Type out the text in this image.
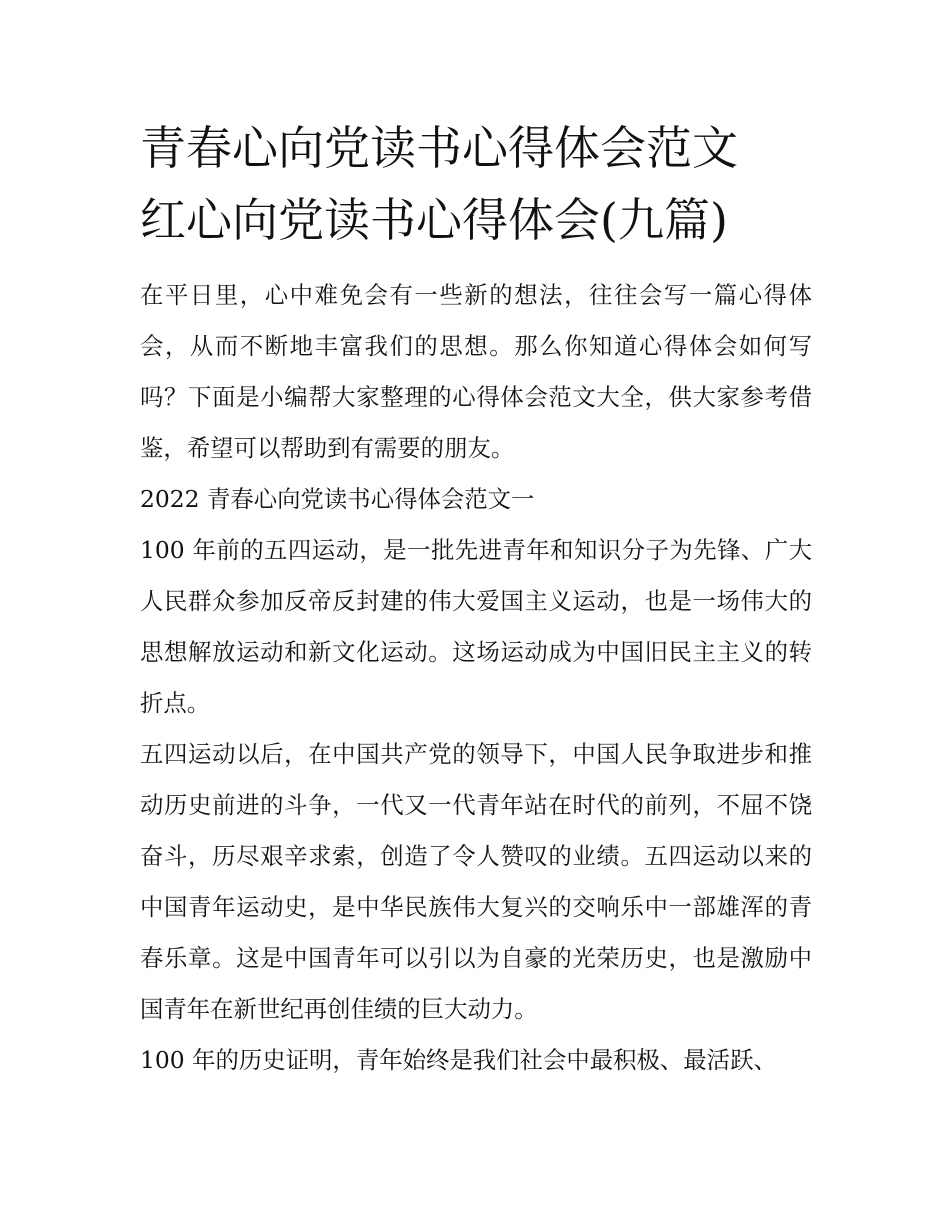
青春心向党读书心得体会范文
红心向党读书心得体会(九篇)

在平日里，心中难免会有一些新的想法，往往会写一篇心得体会，从而不断地丰富我们的思想。那么你知道心得体会如何写吗？下面是小编帮大家整理的心得体会范文大全，供大家参考借鉴，希望可以帮助到有需要的朋友。

2022 青春心向党读书心得体会范文一

100 年前的五四运动，是一批先进青年和知识分子为先锋、广大人民群众参加反帝反封建的伟大爱国主义运动，也是一场伟大的思想解放运动和新文化运动。这场运动成为中国旧民主主义的转折点。

五四运动以后，在中国共产党的领导下，中国人民争取进步和推动历史前进的斗争，一代又一代青年站在时代的前列，不屈不饶奋斗，历尽艰辛求索，创造了令人赞叹的业绩。五四运动以来的中国青年运动史，是中华民族伟大复兴的交响乐中一部雄浑的青春乐章。这是中国青年可以引以为自豪的光荣历史，也是激励中国青年在新世纪再创佳绩的巨大动力。

100 年的历史证明，青年始终是我们社会中最积极、最活跃、
